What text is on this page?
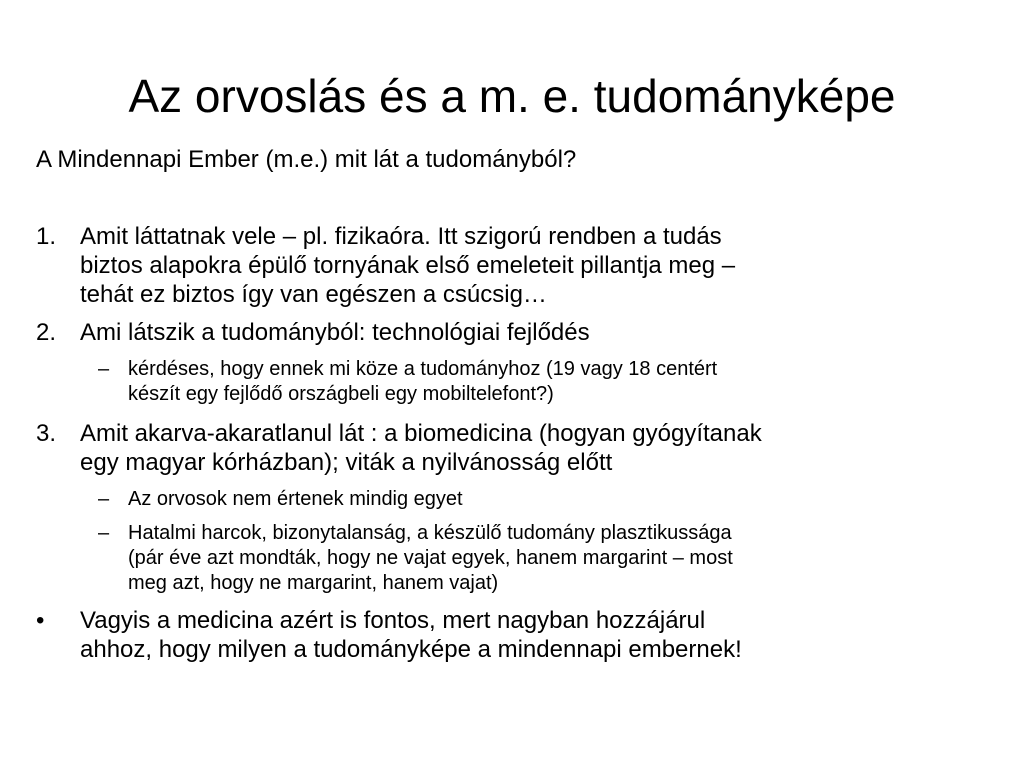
Az orvoslás és a m. e. tudományképe
A Mindennapi Ember (m.e.) mit lát a tudományból?
1. Amit láttatnak vele – pl. fizikaóra. Itt szigorú rendben a tudás
biztos alapokra épülő tornyának első emeleteit pillantja meg –
tehát ez biztos így van egészen a csúcsig…
2. Ami látszik a tudományból: technológiai fejlődés
– kérdéses, hogy ennek mi köze a tudományhoz (19 vagy 18 centért
készít egy fejlődő országbeli egy mobiltelefont?)
3. Amit akarva-akaratlanul lát : a biomedicina (hogyan gyógyítanak
egy magyar kórházban); viták a nyilvánosság előtt
– Az orvosok nem értenek mindig egyet
– Hatalmi harcok, bizonytalanság, a készülő tudomány plasztikussága
(pár éve azt mondták, hogy ne vajat egyek, hanem margarint – most
meg azt, hogy ne margarint, hanem vajat)
• Vagyis a medicina azért is fontos, mert nagyban hozzájárul
ahhoz, hogy milyen a tudományképe a mindennapi embernek!
